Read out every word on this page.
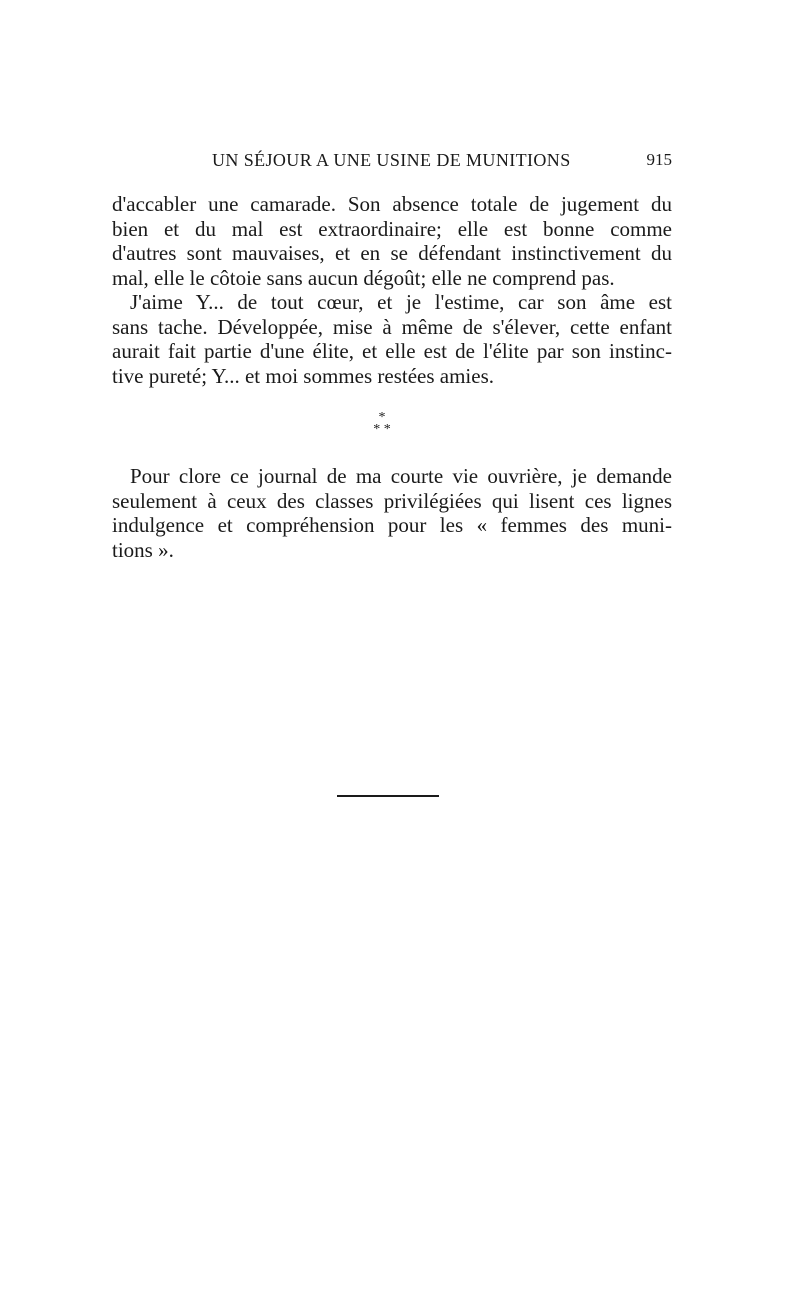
UN SÉJOUR A UNE USINE DE MUNITIONS	915
d'accabler une camarade. Son absence totale de jugement du
bien et du mal est extraordinaire; elle est bonne comme
d'autres sont mauvaises, et en se défendant instinctivement du
mal, elle le côtoie sans aucun dégoût; elle ne comprend pas.
J'aime Y... de tout cœur, et je l'estime, car son âme est
sans tache. Développée, mise à même de s'élever, cette enfant
aurait fait partie d'une élite, et elle est de l'élite par son instinc-
tive pureté; Y... et moi sommes restées amies.
*
* *
Pour clore ce journal de ma courte vie ouvrière, je demande
seulement à ceux des classes privilégiées qui lisent ces lignes
indulgence et compréhension pour les « femmes des muni-
tions ».
